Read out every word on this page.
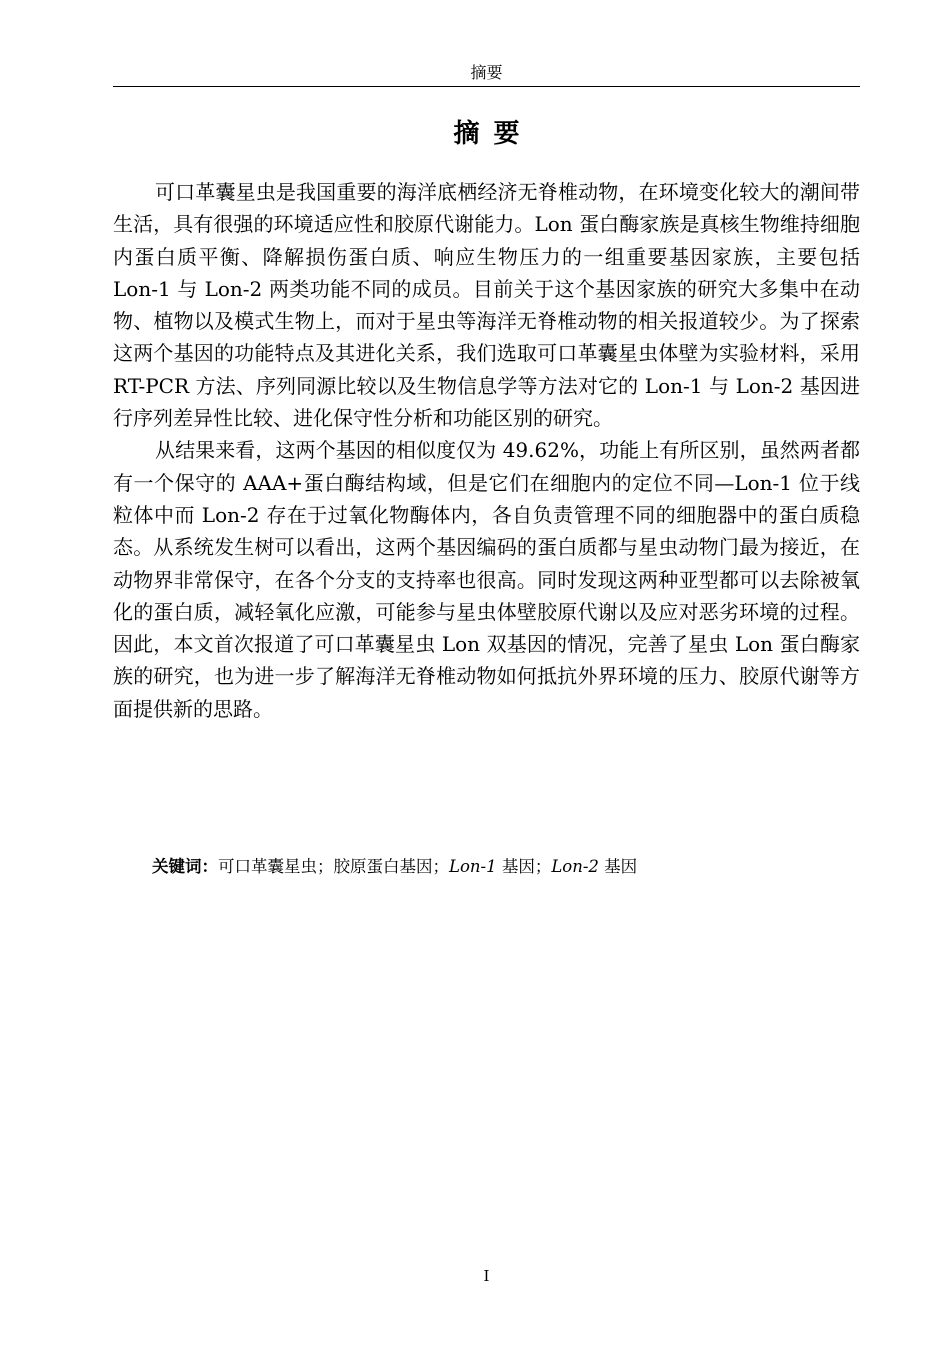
摘要
摘要

可口革囊星虫是我国重要的海洋底栖经济无脊椎动物，在环境变化较大的潮间带生活，具有很强的环境适应性和胶原代谢能力。Lon 蛋白酶家族是真核生物维持细胞内蛋白质平衡、降解损伤蛋白质、响应生物压力的一组重要基因家族，主要包括 Lon-1 与 Lon-2 两类功能不同的成员。目前关于这个基因家族的研究大多集中在动物、植物以及模式生物上，而对于星虫等海洋无脊椎动物的相关报道较少。为了探索这两个基因的功能特点及其进化关系，我们选取可口革囊星虫体壁为实验材料，采用 RT-PCR 方法、序列同源比较以及生物信息学等方法对它的 Lon-1 与 Lon-2 基因进行序列差异性比较、进化保守性分析和功能区别的研究。

从结果来看，这两个基因的相似度仅为 49.62%，功能上有所区别，虽然两者都有一个保守的 AAA+蛋白酶结构域，但是它们在细胞内的定位不同—Lon-1 位于线粒体中而 Lon-2 存在于过氧化物酶体内，各自负责管理不同的细胞器中的蛋白质稳态。从系统发生树可以看出，这两个基因编码的蛋白质都与星虫动物门最为接近，在动物界非常保守，在各个分支的支持率也很高。同时发现这两种亚型都可以去除被氧化的蛋白质，减轻氧化应激，可能参与星虫体壁胶原代谢以及应对恶劣环境的过程。因此，本文首次报道了可口革囊星虫 Lon 双基因的情况，完善了星虫 Lon 蛋白酶家族的研究，也为进一步了解海洋无脊椎动物如何抵抗外界环境的压力、胶原代谢等方面提供新的思路。

关键词：可口革囊星虫；胶原蛋白基因；Lon-1 基因；Lon-2 基因
I
